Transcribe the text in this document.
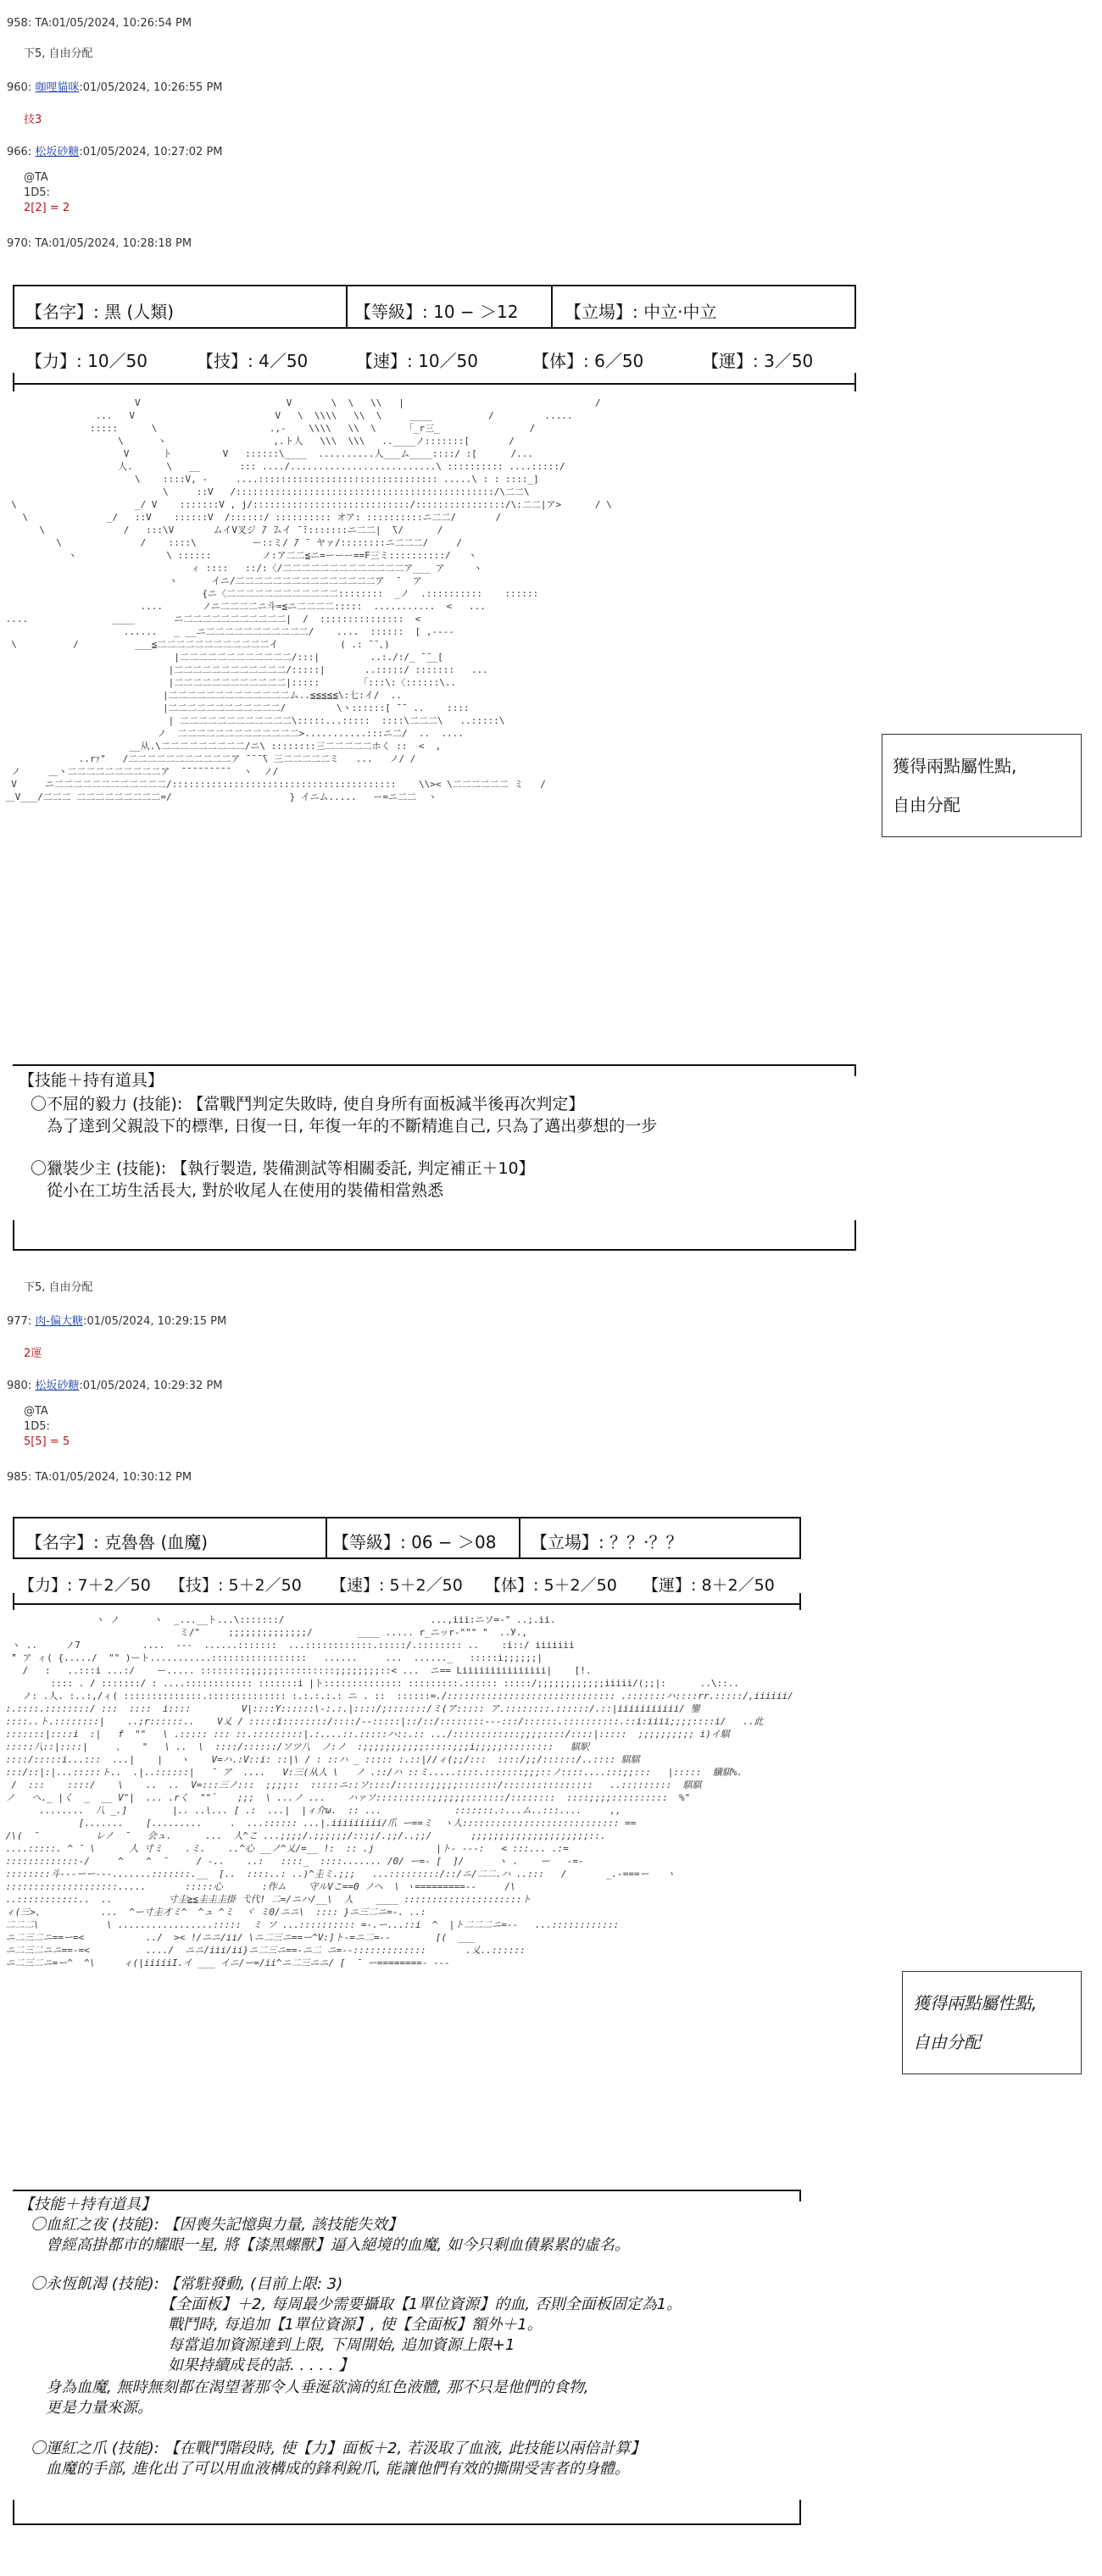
958: TA:01/05/2024, 10:26:54 PM
下5, 自由分配
960: 咖哩貓咪:01/05/2024, 10:26:55 PM
技3
966: 松坂砂糖:01/05/2024, 10:27:02 PM
@TA
1D5:
2[2] = 2
970: TA:01/05/2024, 10:28:18 PM
【名字】: 黑 (人類)	【等級】: 10 − ＞12	【立場】: 中立·中立
【力】: 10／50	【技】: 4／50	【速】: 10／50	【体】: 6／50	【運】: 3／50
V                          V       \  \   \\   |                                  /
...   V                         V   \  \\\\   \\  \     ____          /         .....
:::::      \                    .,-    \\\\   \\  \     「_r三_                /
\      ヽ                   ,.ト人   \\\  \\\   ..____ノ:::::::[       /
V      ト         V   ::::::\____  ..........人___ム____::::/ :[      /...
人.      \   __       ::: ..../..........................\ :::::::::: ....:::::/
\    ::::V, -     ....:::::::::::::::::::::::::::::::: .....\ : : ::::_]
\     ::V   /::::::::::::::::::::::::::::::::::::::::::::::/\二二\
\                     _/ V    :::::::V , j/::::::::::::::::::::::::::::/::::::::::::::::/\:二二|ア>      / \
\              _/   ::V    ::::::V  /::::::/ :::::::::: オア: ::::::::::ニ二二/       /
\              /   :::\V       ムイV叉ジ ̄/ ̄ムイ ̄ ̄::::::::ニ二二|  ̄\/      /
\              /    ::::\          ー::ミ/ ̄/ ̄  ヤァ/::::::::ニ二二二/     /
ヽ                \ ::::::         ノ:ア二二≦ニ=ーーー==F三ミ::::::::::/   ヽ
ィ ::::   ::/:〈/二二二二二二二二二二二二二ア___ ア     ヽ
ヽ      イニ/二二二二二二二二二二二二二二二ア  ̄   ア
{ニ〈二二二二二二二二二二二二::::::::  _ノ  .::::::::::    ::::::
....       ノニ二二二二ニ斗=≦ニ二二二二:::::  ...........  <   ...
....               ____       ニ二二二二二二二二二二二|  /  :::::::::::::::  <
......   _ __ニ二二二二二二二二二二二/    ....  ::::::  [ ,----
\          /          ___≦二二二二二二二二二二二二イ           ( .: ̄ ̄ 、)
|二二二二二二二二二二二二/:::|         ..:./:/_ ̄ ̄__[
|二二二二二二二二二二二二/:::::|       ..:::::/ :::::::   ...
|二二二二二二二二二二二二|:::::       「:::\:〈::::::\..
|二二二二二二二二二二二二二ム..≦≦≦≦≦\:七:イ/  ..
|二二二二二二二二二二二二/         \ヽ::::::[ ̄ ̄  ..    ::::
| 二二二二二二二二二二二二\:::::...:::::  ::::\二二二\   ..:::::\
ノ  二二二二二二二二二二二二二>...........:::ニ二/  ..  ....
__从.\二二二二二二二二二/ニ\ ::::::::三二二二二二ホく ::  <  ,
..rｧ"   /二二二二二二二二二二二ア ̄ ̄ ̄ ̄\ 三二二二二二ミ   ...   ノ/ /
ノ     ＿ヽ二二二二二二二二二二ア  ̄ ̄ ̄ ̄ ̄ ̄ ̄ ̄ ̄   ヽ  ノ/
V     ニ二二二二二二二二二二二二/::::::::::::::::::::::::::::::::::::::::    \\>< \二二二二二二 ミ   /
＿V___/二二二 二二二二二二二二二=/                     } イニム.....   ー=ニ二二  ヽ
獲得兩點屬性點,
自由分配
【技能＋持有道具】
〇不屈的毅力 (技能): 【當戰鬥判定失敗時, 使自身所有面板減半後再次判定】
　為了達到父親設下的標準, 日復一日, 年復一年的不斷精進自己, 只為了邁出夢想的一步
〇獵裝少主 (技能): 【執行製造, 裝備測試等相關委託, 判定補正＋10】
　從小在工坊生活長大, 對於收尾人在使用的裝備相當熟悉
下5, 自由分配
977: 肉-偏大糖:01/05/2024, 10:29:15 PM
2運
980: 松坂砂糖:01/05/2024, 10:29:32 PM
@TA
1D5:
5[5] = 5
985: TA:01/05/2024, 10:30:12 PM
【名字】: 克魯魯 (血魔)	【等級】: 06 − ＞08 【立場】: ？？·？？
【力】: 7＋2／50 【技】: 5＋2／50 【速】: 5＋2／50 【体】: 5＋2／50 【運】: 8＋2／50
ヽ ノ      ヽ  _...__ト...\:::::::/                          ...,iii:ニソ=-" ..;.ii.
ミ/"     ;;;;;;;;;;;;;;/        ____ ..... r_ニッr-""" "  ..У.,
ヽ ..     ノ7           ....  ---  ......:::::::  ...::::::::::::.:::::/.:::::::: ..    :i::/ iiiiiii
̄" ア ィ( {...../  "" )ート...........:::::::::::::::::   ......     ...  ......_   :::::i;;;;;;|
/   :   ..:::i ...:/    ー..... ::::::::;;;;;;::::::::::;;;;;;;;::< ...  ニ== Liiiiiiiiiiiiiii|    [!.
:::: . / :::::::/ : ....:::::::::::: :::::::i |ト:::::::::::::: :::::::::.:::::: :::::/;;;;;;;;;;;;iiiii/(;;|:      ..\::..
ノ: .人. :..:,/ィ( ::::::::::::::.:::::::::::::: :.:.:.:.: ニ . ::  ::::::=./:::::::::::::::::::::::::::::: .:::::::ハ::::rr.:::::/,iiiiii/
:.::::.::::::::/ :::  ::::  i::::         V|::::Y::::::\-:.:.|::::/;:::::::/ミ(ア::::: ア.::::::::.::::::/.::|iiiiiiiiiii/ 鑾
::::..ト.::::::::|    ..;r::::::..    V乂 / :::::i::::::::/::::/--:::::|::/::/::::::::---:::/::::::.::::::::::.::i:iiii;;;;::::i/   ..此
:::::::|::::i  :|   f  ""   \ .::::: ::: ::.:::::::::|.:....::.:::::ハ::.:: .../::::::::::::;;;;::::/::::|:::::  ;;;;;;;;;; i)イ騏
:::::八::|::::|     、   "   \ ..  \  ::::/::::::/ソツ八  ノ:ノ  :;;;;;;;;;;;:::::;;;i;;;;;:::::::::   騏駅
::::/:::::i...:::  ...|    |   ヽ    V=ハ.:V::i: ::|\ / : ::ハ _ ::::: :.::|//ィ(;;/:::  ::::/;;/::::::/..:::: 騏騏
:::/::|:|...:::::ト..  .|..::::::|   ̄ ア  ....   V:三(从人 \   ノ .::/ハ ::ミ.....::::.:::::::;;;::ノ::::....:::;;:::   |:::::  驥騏%.
/  :::    ::::/    \    ..  ..  V=:::三ノ:::  ;;;;::  :::::ニ::ソ::::/::::::;;;;;:::::::/::::::::::::::::   ..:::::::::  騏騏
ノ   ヘ._ |く  _  __ V"|  ... .rく  ""゛   ;;;  \ ...ノ ...    ハァソ::::::::::;;;;;;:::::::/::::::::  ::::;;;;::::::::::  %"
........  八 _.]        |.. ..\... [ .:  ...|  |ィ介ω.  :: ...             :::::::.:...ム..:::....     ,,
[.......    [.........     .  ...:::::: ...|.iiiiiiiii/爪 ー==ミ  ヽ人:::::::::::::::::::::::::::: ==
/\(  ̄          レノ  ̄   会ュ.      ...  人^こ ...;;;;/.;;;;;;/::;;/.;;/..;;/       ;;;;;;;;;;;;;;;;;;;;;::.
....:::::. ^ ̄ \      人 寸ミ    .ミ.    ..^心 __ノ^乂/=__ !:  :: .j           |ト- ---:   < :::... .:=
:::::::::::::-/     ^    ^  ̄     / -..    ..:   ::::_  ::::....... /0/ ー=- [  ]/      ヽ .    ー   -=-
::::::::斗---ーー---.......:::::::.__  [..  ::::..: ..)^圭ミ.;;;   ...:::::::::/::/ニ/二二.ハ ..:::   /       _.-===ー   ヽ
::::::::::::::::::::.....       :::::心       :作ム    守ルVこ==0 ノヘ  \ ヽ=========--     /\
..:::::::::::..  ..          寸圭≧≦圭圭圭掛 弋代! 二=/ニハ/__\  人    ____ :::::::::::::::::::::ト
ィ(三>、          ...  ^ー寸圭才ミ^  ^ュ ^ミ  ヾ ミ0/ニニ\  :::: }ニ三二ニ=-. ..:
二二二\            \ .................:::::  ミ ソ ...:::::::::: =-.ー...::i  ^  |ト二二二ニ=--   ...::::::::::::
ニ二三二ニ==ー=<           ../  >< !/ニニ/ii/ \ニ二三ニ==ー^V:]ト-=ニ二=--        [(  ___
ニ二三二ニニ==-=<          ..../  ニニ/iii/ii}ニ二三ニ==-ニ二 ニ=--:::::::::::::       .乂..::::::
ニ二三二ニ=ー^  ^\     ィ(|iiiiiI.イ ___ イニ/ー=/ii^ニ二三ニニ/ [  ̄ ー========- ---
獲得兩點屬性點,
自由分配
【技能＋持有道具】
〇血紅之夜 (技能): 【因喪失記憶與力量, 該技能失效】
　曾經高掛都市的耀眼一星, 將【漆黑螺獸】逼入絕境的血魔, 如今只剩血債累累的虛名。
〇永恆飢渴 (技能): 【常駐發動, (目前上限: 3)
　　　　　　　　　【全面板】＋2, 每周最少需要攝取【1單位資源】的血, 否則全面板固定為1。
　　　　　　　　　戰鬥時, 每追加【1單位資源】, 使【全面板】額外＋1。
　　　　　　　　　每當追加資源達到上限, 下周開始, 追加資源上限+1
　　　　　　　　　如果持續成長的話. . . . . 】
　身為血魔, 無時無刻都在渴望著那令人垂涎欲滴的紅色液體, 那不只是他們的食物,
　更是力量來源。
〇運紅之爪 (技能): 【在戰鬥階段時, 使【力】面板＋2, 若汲取了血液, 此技能以兩倍計算】
　血魔的手部, 進化出了可以用血液構成的鋒利銳爪, 能讓他們有效的撕開受害者的身體。
